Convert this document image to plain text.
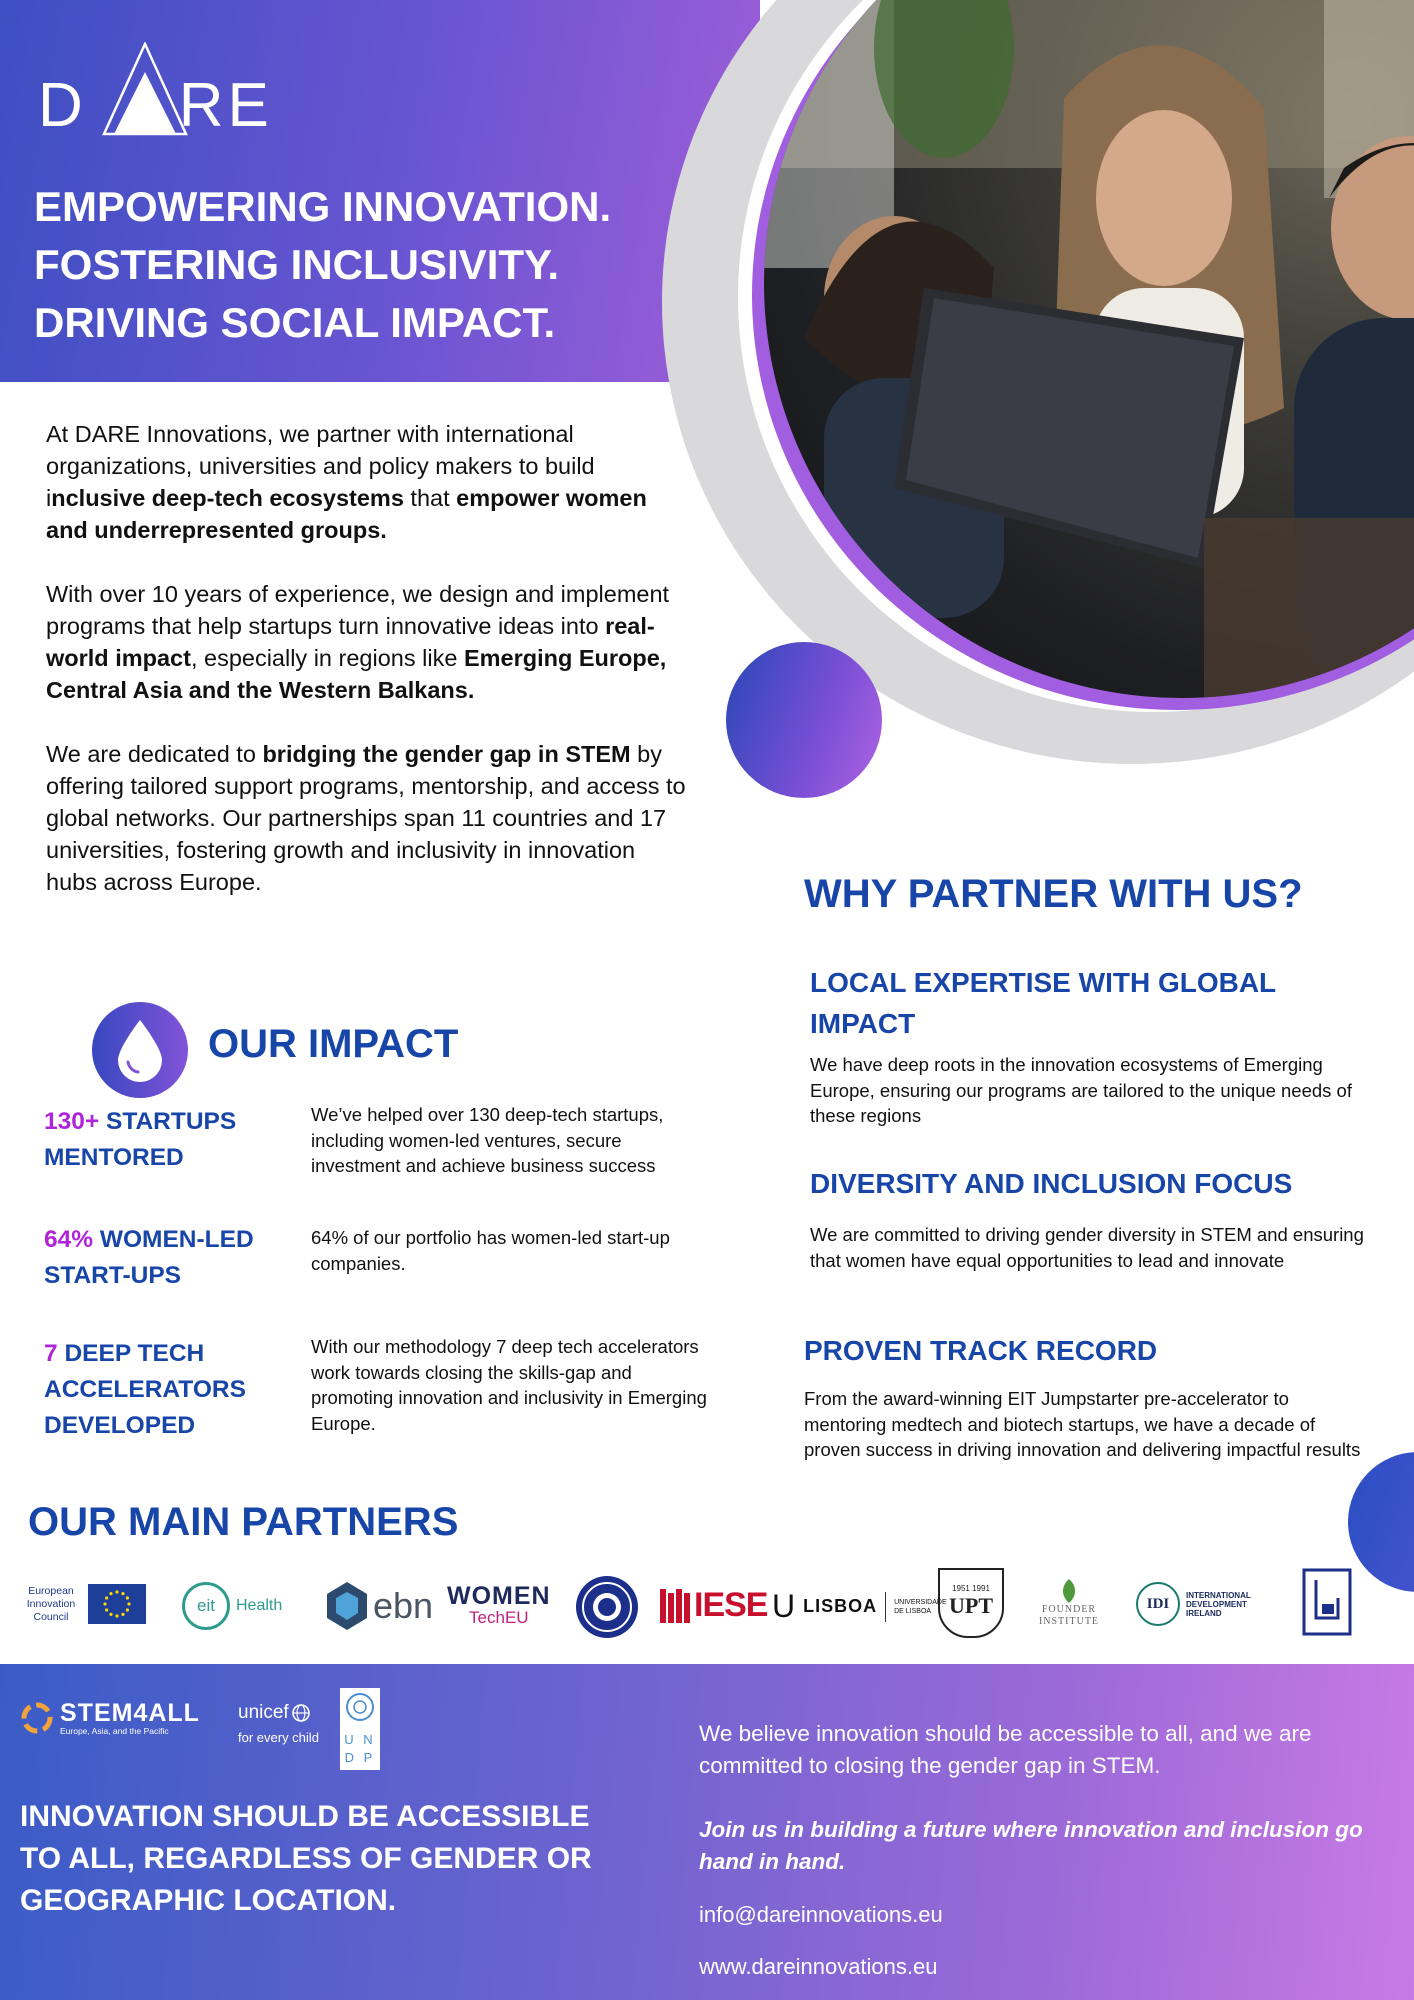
D RE
EMPOWERING INNOVATION.
FOSTERING INCLUSIVITY.
DRIVING SOCIAL IMPACT.

At DARE Innovations, we partner with international organizations, universities and policy makers to build inclusive deep-tech ecosystems that empower women and underrepresented groups.

With over 10 years of experience, we design and implement programs that help startups turn innovative ideas into real-world impact, especially in regions like Emerging Europe, Central Asia and the Western Balkans.

We are dedicated to bridging the gender gap in STEM by offering tailored support programs, mentorship, and access to global networks. Our partnerships span 11 countries and 17 universities, fostering growth and inclusivity in innovation hubs across Europe.

OUR IMPACT
130+ STARTUPS MENTORED
We’ve helped over 130 deep-tech startups, including women-led ventures, secure investment and achieve business success
64% WOMEN-LED START-UPS
64% of our portfolio has women-led start-up companies.
7 DEEP TECH ACCELERATORS DEVELOPED
With our methodology 7 deep tech accelerators work towards closing the skills-gap and promoting innovation and inclusivity in Emerging Europe.
WHY PARTNER WITH US?
LOCAL EXPERTISE WITH GLOBAL IMPACT
We have deep roots in the innovation ecosystems of Emerging Europe, ensuring our programs are tailored to the unique needs of these regions
DIVERSITY AND INCLUSION FOCUS
We are committed to driving gender diversity in STEM and ensuring that women have equal opportunities to lead and innovate
PROVEN TRACK RECORD
From the award-winning EIT Jumpstarter pre-accelerator to mentoring medtech and biotech startups, we have a decade of proven success in driving innovation and delivering impactful results
OUR MAIN PARTNERS
European Innovation Council
eit	Health	ebn WOMEN
TechEU	IESE U LISBOA UNIVERSIDADE DE LISBOA
1951 1991
UPT	FOUNDER INSTITUTE
IDI
INTERNATIONAL DEVELOPMENT IRELAND
STEM4ALL
Europe, Asia, and the Pacific
unicef
for every child	U N
D P
INNOVATION SHOULD BE ACCESSIBLE
TO ALL, REGARDLESS OF GENDER OR
GEOGRAPHIC LOCATION.
We believe innovation should be accessible to all, and we are committed to closing the gender gap in STEM.
Join us in building a future where innovation and inclusion go hand in hand.
info@dareinnovations.eu
www.dareinnovations.eu
